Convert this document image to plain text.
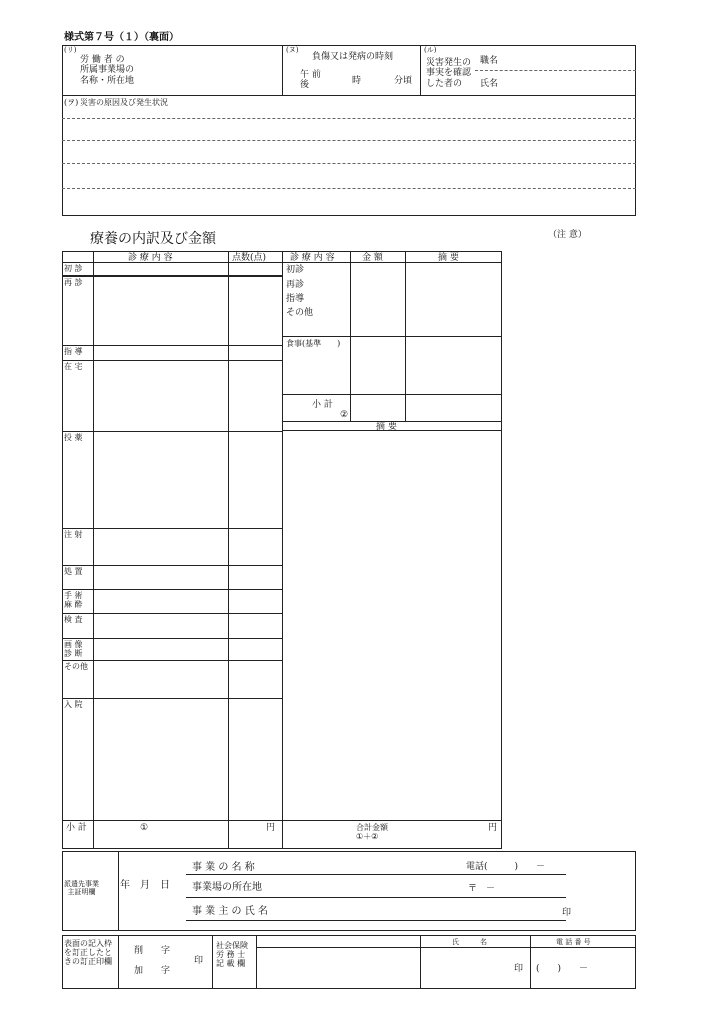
様式第７号（１）（裏面）
(リ)
労 働 者 の
所属事業場の
名称・所在地
(ヌ)
負傷又は発病の時刻
午 前
後	時	分頃
(ル)
災害発生の
事実を確認
した者の
職名
氏名
(ヲ) 災害の原因及び発生状況
療養の内訳及び金額
診 療 内 容	点数(点)	診 療 内 容	金 額	摘 要
初 診
再 診
指 導
在 宅
投 薬
注 射
処 置
手 術
麻 酔
検 査
画 像
診 断
その他
入 院
小 計	①	円
初診
再診
指導
その他
食事(基準　　)
小 計
②
摘 要
合計金額
①＋②
円
（注 意）
派遣先事業
主証明欄
年　月　日
事 業 の 名 称
事業場の所在地
事 業 主 の 氏 名
電話(　　　)　　－
〒　－
印
表面の記入枠
を訂正したと
きの訂正印欄
削　　字
加　　字
印
社会保険
労 務 士
記 載 欄
氏　　　名	電 話 番 号
印 (　　)　　－
